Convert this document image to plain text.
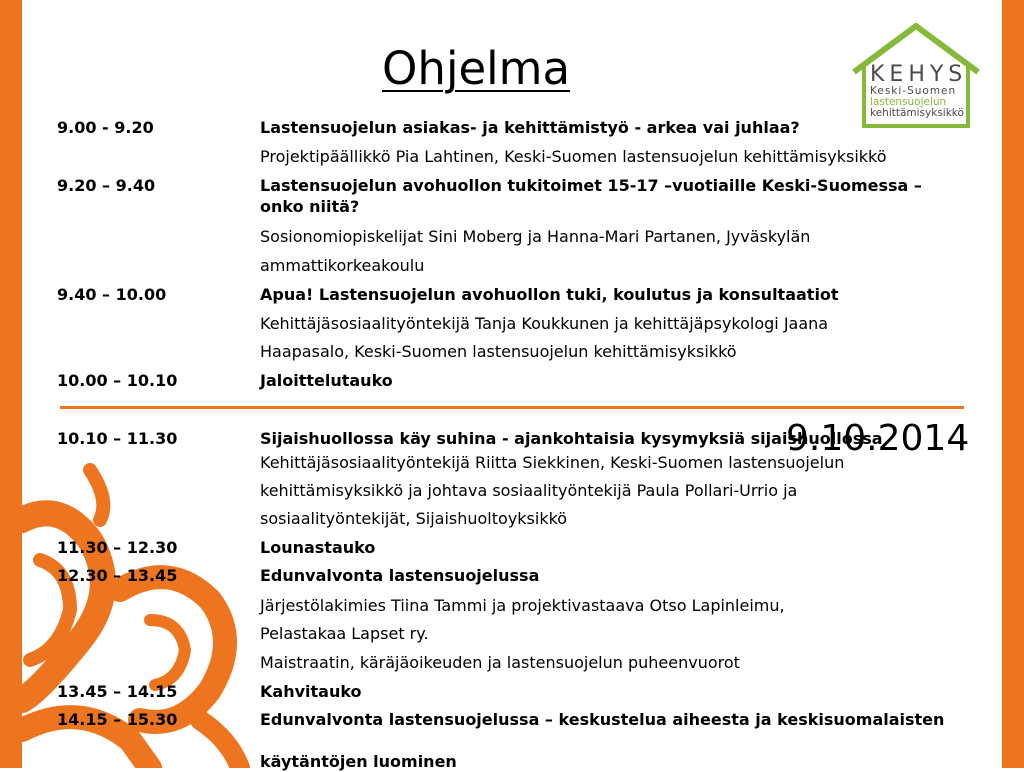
Ohjelma	KEHYS
Keski-Suomen
lastensuojelun
kehittämisyksikkö
9.00 - 9.20	Lastensuojelun asiakas- ja kehittämistyö - arkea vai juhlaa?
Projektipäällikkö Pia Lahtinen, Keski-Suomen lastensuojelun kehittämisyksikkö
9.20 – 9.40	Lastensuojelun avohuollon tukitoimet 15-17 –vuotiaille Keski-Suomessa –
onko niitä?
Sosionomiopiskelijat Sini Moberg ja Hanna-Mari Partanen, Jyväskylän
ammattikorkeakoulu
9.40 – 10.00	Apua! Lastensuojelun avohuollon tuki, koulutus ja konsultaatiot
Kehittäjäsosiaalityöntekijä Tanja Koukkunen ja kehittäjäpsykologi Jaana
Haapasalo, Keski-Suomen lastensuojelun kehittämisyksikkö
10.00 – 10.10	Jaloittelutauko
9.10.2014
10.10 – 11.30	Sijaishuollossa käy suhina - ajankohtaisia kysymyksiä sijaishuollossa
Kehittäjäsosiaalityöntekijä Riitta Siekkinen, Keski-Suomen lastensuojelun
kehittämisyksikkö ja johtava sosiaalityöntekijä Paula Pollari-Urrio ja
sosiaalityöntekijät, Sijaishuoltoyksikkö
11.30 – 12.30	Lounastauko
12.30 – 13.45	Edunvalvonta lastensuojelussa
Järjestölakimies Tiina Tammi ja projektivastaava Otso Lapinleimu,
Pelastakaa Lapset ry.
Maistraatin, käräjäoikeuden ja lastensuojelun puheenvuorot
13.45 – 14.15	Kahvitauko
14.15 – 15.30	Edunvalvonta lastensuojelussa – keskustelua aiheesta ja keskisuomalaisten
käytäntöjen luominen
